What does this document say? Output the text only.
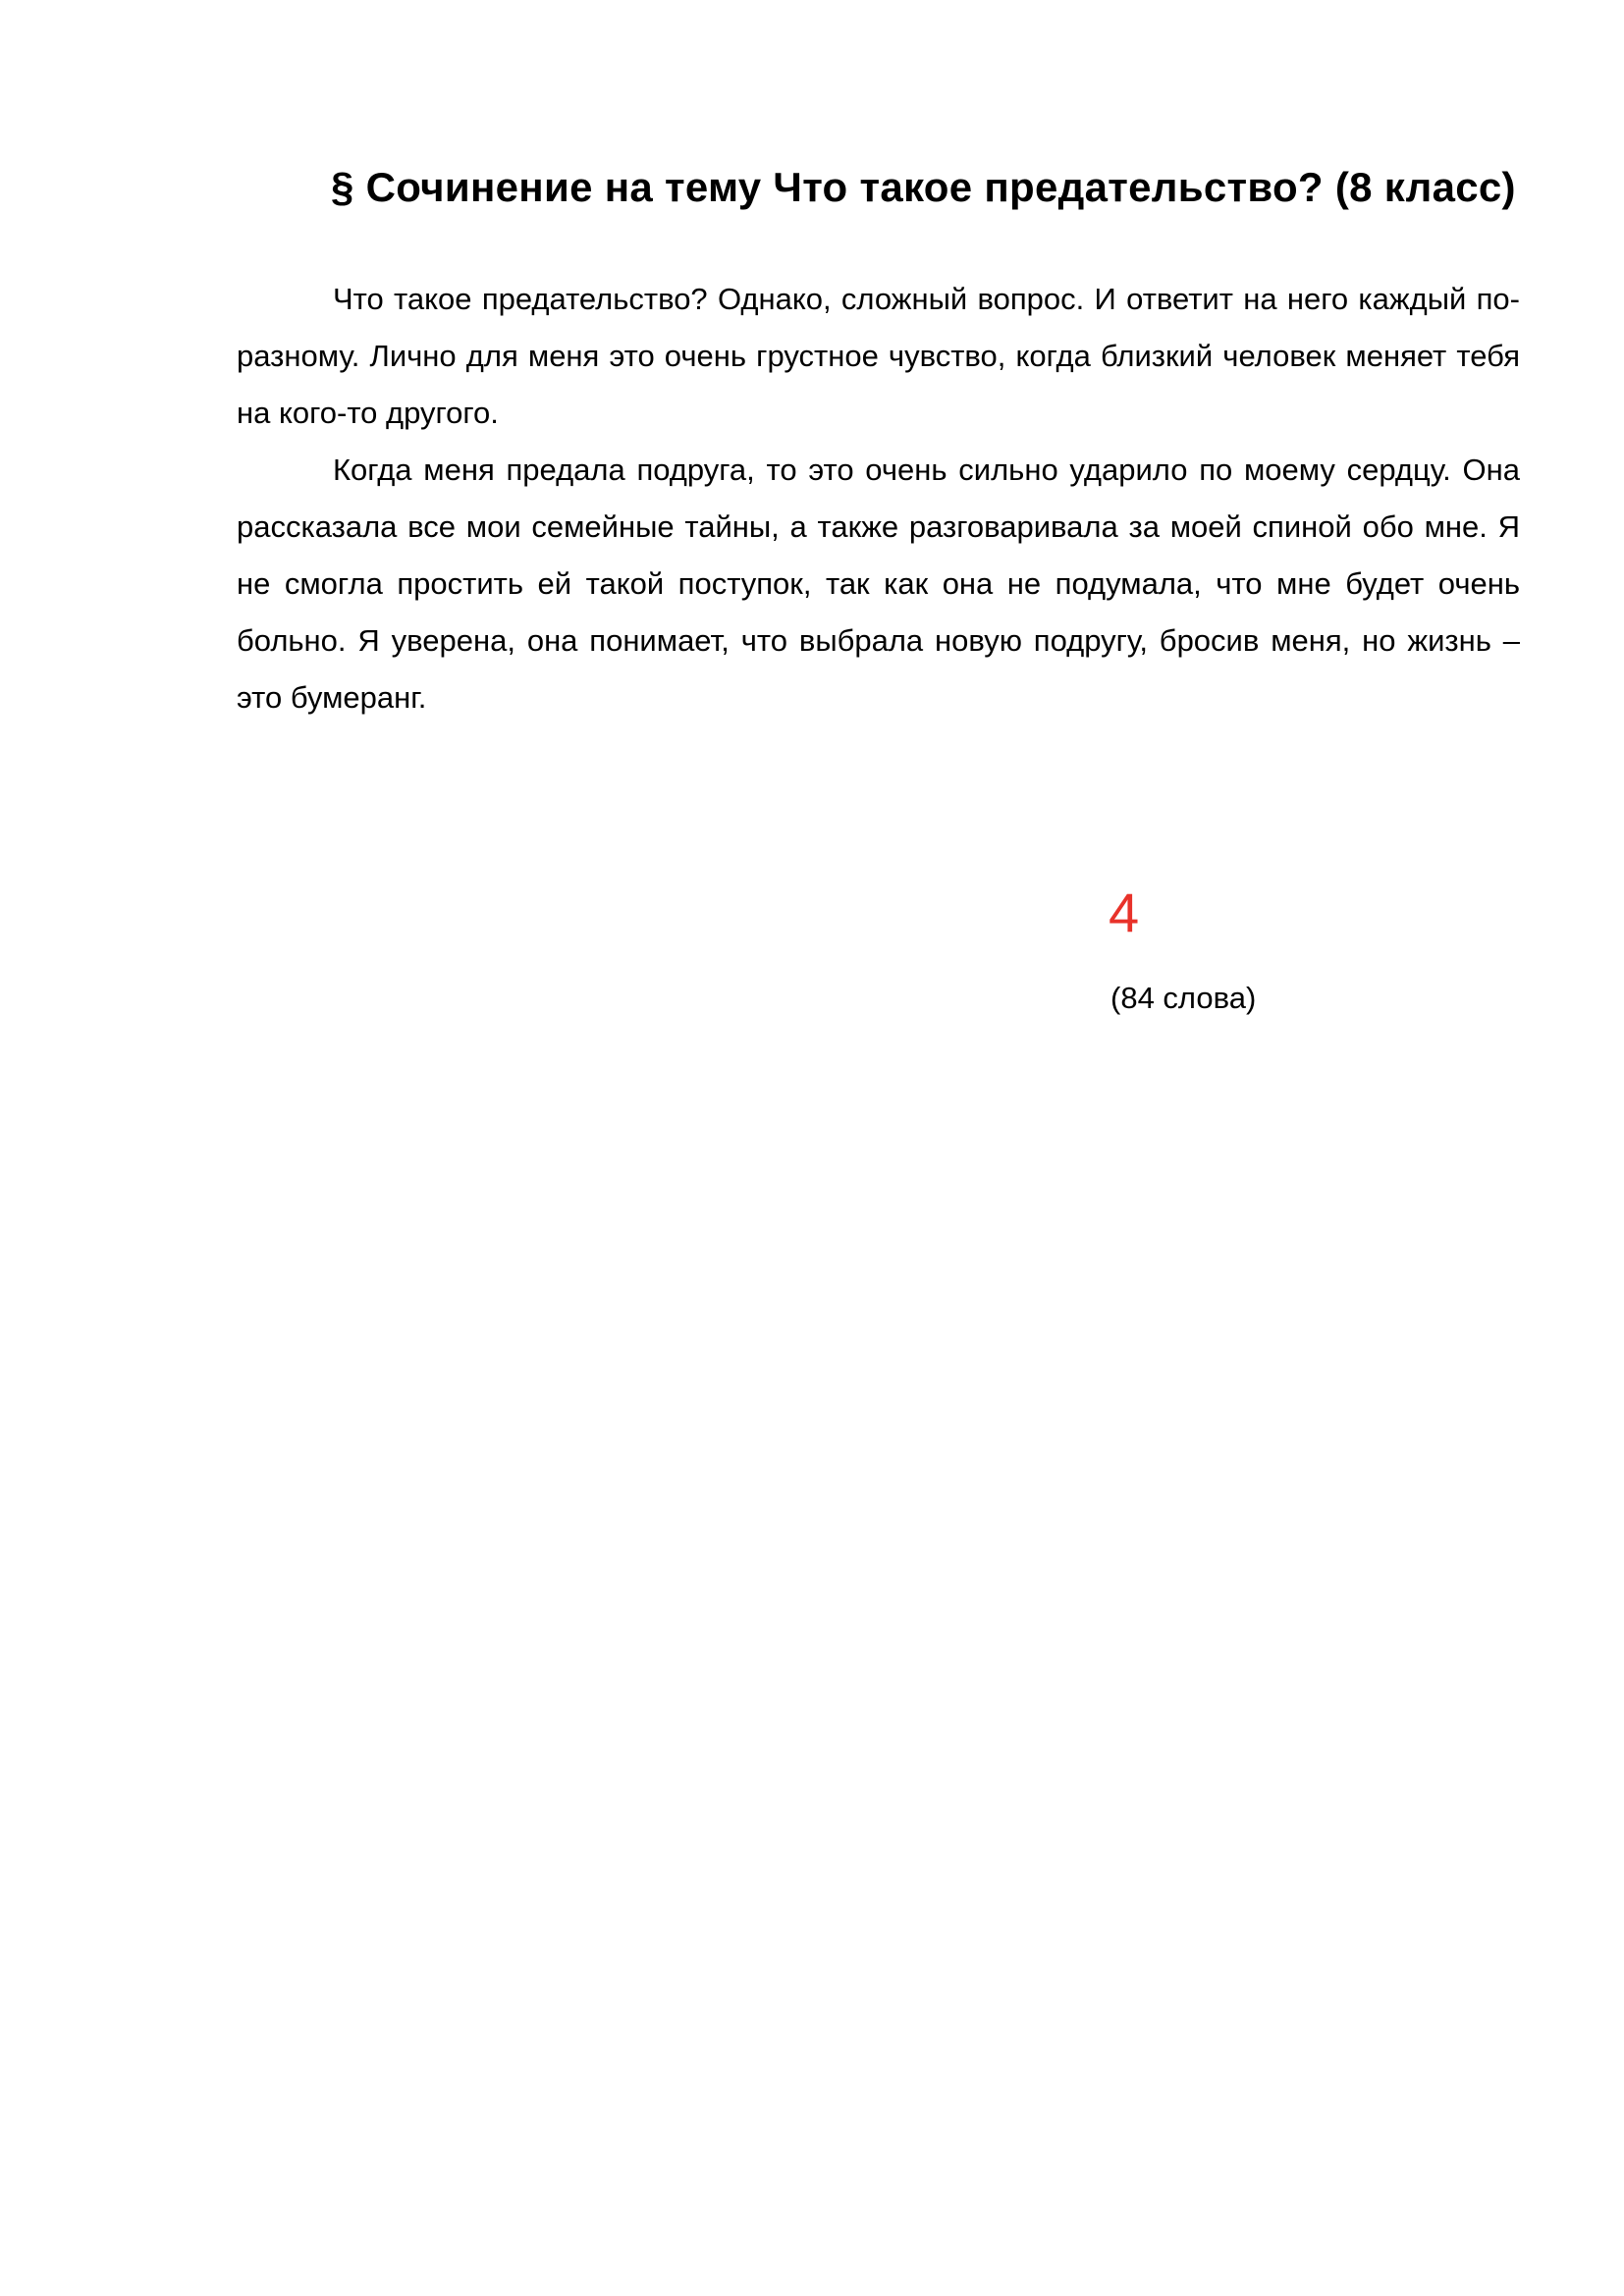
§ Сочинение на тему Что такое предательство? (8 класс)

Что такое предательство? Однако, сложный вопрос. И ответит на него каждый по-разному. Лично для меня это очень грустное чувство, когда близкий человек меняет тебя на кого-то другого.

Когда меня предала подруга, то это очень сильно ударило по моему сердцу. Она рассказала все мои семейные тайны, а также разговаривала за моей спиной обо мне. Я не смогла простить ей такой поступок, так как она не подумала, что мне будет очень больно. Я уверена, она понимает, что выбрала новую подругу, бросив меня, но жизнь – это бумеранг.

4
(84 слова)
